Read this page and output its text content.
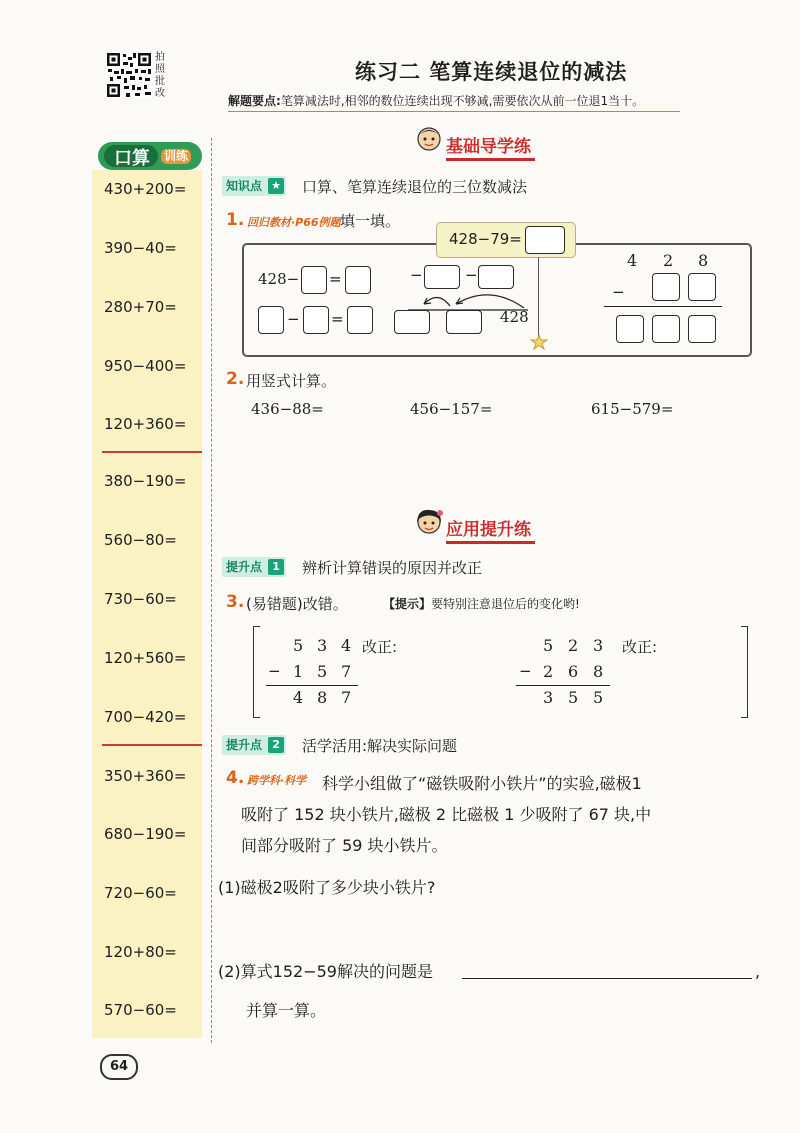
拍照批改
练习二 笔算连续退位的减法
解题要点:笔算减法时,相邻的数位连续出现不够减,需要依次从前一位退1当十。
口算 训练
430+200=
390−40=
280+70=
950−400=
120+360=
380−190=
560−80=
730−60=
120+560=
700−420=
350+360=
680−190=
720−60=
120+80=
570−60=
基础导学练
知识点 ★ 口算、笔算连续退位的三位数减法
1. 回归教材·P66例题 填一填。
428−79=
428− =
− =
−	−
428
4 2 8
−
2. 用竖式计算。
436−88=	456−157=	615−579=
应用提升练
提升点 1 辨析计算错误的原因并改正
3. (易错题)改错。	【提示】要特别注意退位后的变化哟!
5 3 4 改正:
− 1 5 7
4 8 7
5 2 3 改正:
− 2 6 8
3 5 5
提升点 2 活学活用:解决实际问题
4. 跨学科·科学 科学小组做了“磁铁吸附小铁片”的实验,磁极1
吸附了 152 块小铁片,磁极 2 比磁极 1 少吸附了 67 块,中
间部分吸附了 59 块小铁片。
(1)磁极2吸附了多少块小铁片?
(2)算式152−59解决的问题是	,
并算一算。
64
